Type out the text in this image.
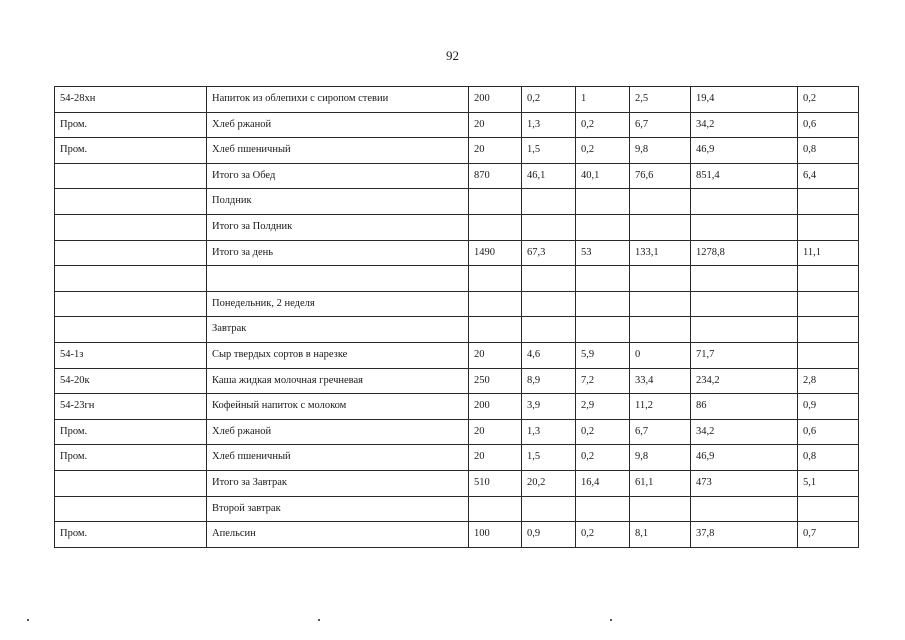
92
54-28хн	Напиток из облепихи с сиропом стевии	200	0,2	1	2,5	19,4	0,2
Пром.	Хлеб ржаной	20	1,3	0,2	6,7	34,2	0,6
Пром.	Хлеб пшеничный	20	1,5	0,2	9,8	46,9	0,8
	Итого за Обед	870	46,1	40,1	76,6	851,4	6,4
	Полдник						
	Итого за Полдник						
	Итого за день	1490	67,3	53	133,1	1278,8	11,1

	Понедельник, 2 неделя						
	Завтрак						
54-1з	Сыр твердых сортов в нарезке	20	4,6	5,9	0	71,7	
54-20к	Каша жидкая молочная гречневая	250	8,9	7,2	33,4	234,2	2,8
54-23гн	Кофейный напиток с молоком	200	3,9	2,9	11,2	86	0,9
Пром.	Хлеб ржаной	20	1,3	0,2	6,7	34,2	0,6
Пром.	Хлеб пшеничный	20	1,5	0,2	9,8	46,9	0,8
	Итого за Завтрак	510	20,2	16,4	61,1	473	5,1
	Второй завтрак						
Пром.	Апельсин	100	0,9	0,2	8,1	37,8	0,7
